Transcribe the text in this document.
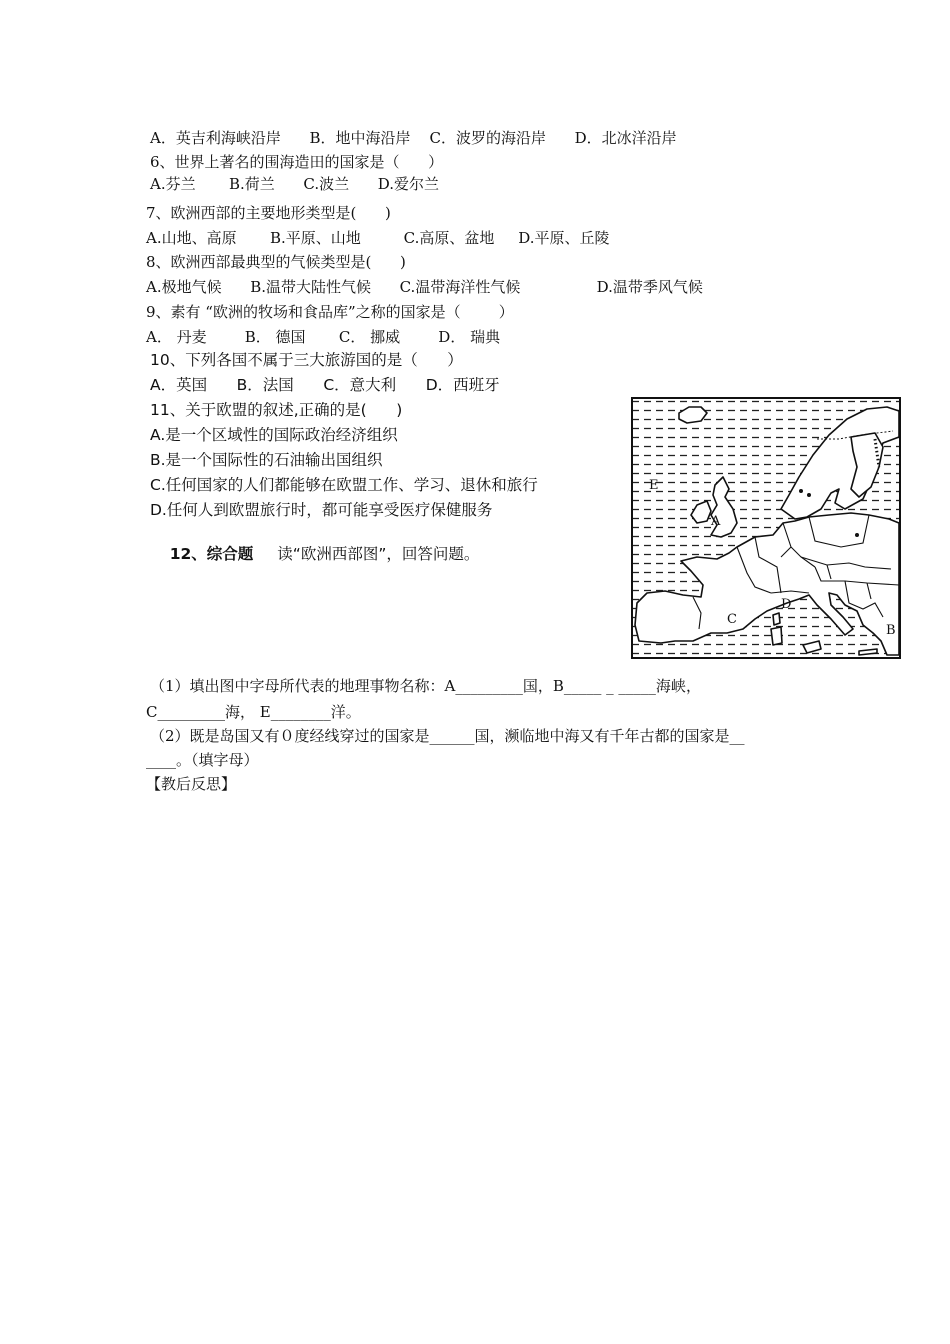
A．英吉利海峡沿岸      B．地中海沿岸    C．波罗的海沿岸      D．北冰洋沿岸
6、世界上著名的围海造田的国家是（      ）
A.芬兰       B.荷兰      C.波兰      D.爱尔兰
7、欧洲西部的主要地形类型是(      )
A.山地、高原       B.平原、山地         C.高原、盆地     D.平原、丘陵
8、欧洲西部最典型的气候类型是(      )
A.极地气候      B.温带大陆性气候      C.温带海洋性气候                D.温带季风气候
9、素有 “欧洲的牧场和食品库”之称的国家是（        ）
A． 丹麦        B． 德国       C． 挪威        D． 瑞典
10、下列各国不属于三大旅游国的是（      ）
A．英国      B．法国      C．意大利      D．西班牙
11、关于欧盟的叙述,正确的是(      )
A.是一个区域性的国际政治经济组织
B.是一个国际性的石油输出国组织
C.任何国家的人们都能够在欧盟工作、学习、退休和旅行
D.任何人到欧盟旅行时，都可能享受医疗保健服务

12、综合题 读“欧洲西部图”，回答问题。

A
B
C
D
E
（1）填出图中字母所代表的地理事物名称：A_________国，B_____ _ _____海峡，
C_________海， E________洋。
（2）既是岛国又有０度经线穿过的国家是______国，濒临地中海又有千年古都的国家是__
____。（填字母）
【教后反思】
